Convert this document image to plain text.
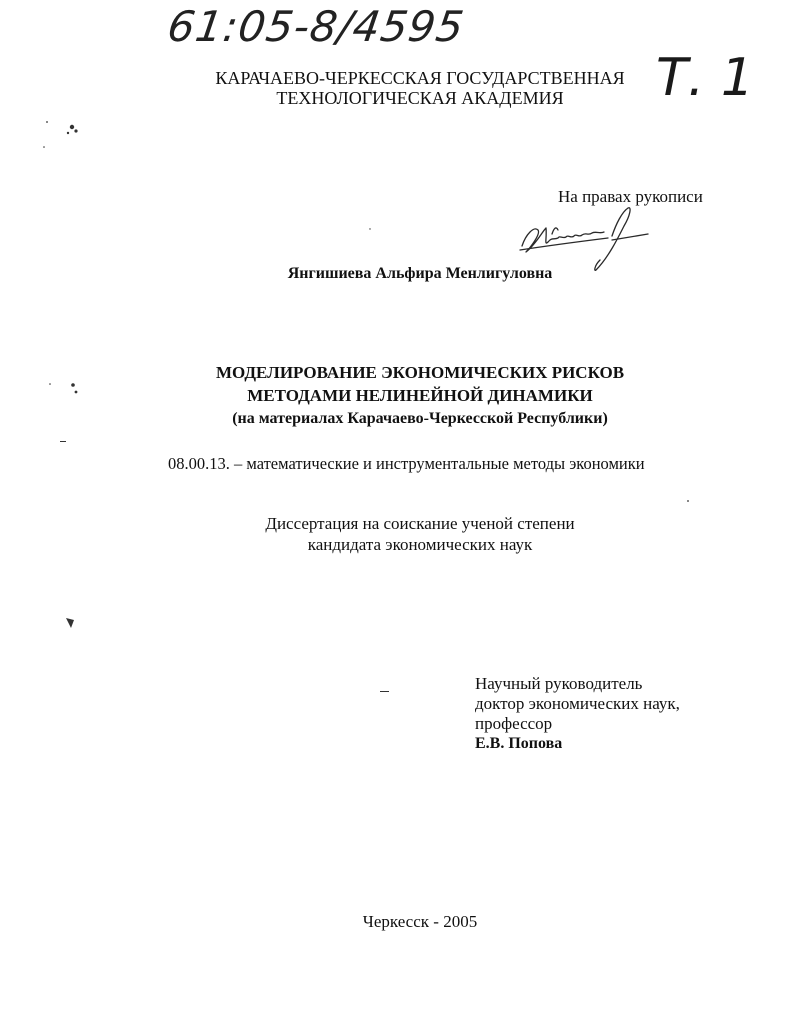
61:05-8/4595
Т. 1
КАРАЧАЕВО-ЧЕРКЕССКАЯ ГОСУДАРСТВЕННАЯ
ТЕХНОЛОГИЧЕСКАЯ АКАДЕМИЯ
На правах рукописи
Янгишиева Альфира Менлигуловна
МОДЕЛИРОВАНИЕ ЭКОНОМИЧЕСКИХ РИСКОВ
МЕТОДАМИ НЕЛИНЕЙНОЙ ДИНАМИКИ
(на материалах Карачаево-Черкесской Республики)
08.00.13. – математические и инструментальные методы экономики
Диссертация на соискание ученой степени
кандидата экономических наук
Научный руководитель
доктор экономических наук,
профессор
Е.В. Попова
Черкесск - 2005
